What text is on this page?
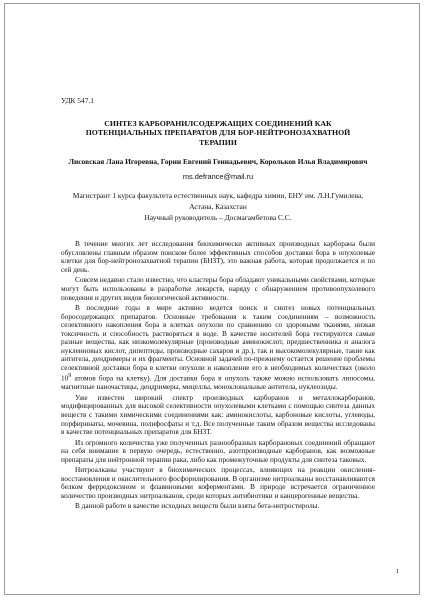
УДК 547.1
СИНТЕЗ КАРБОРАНИЛСОДЕРЖАЩИХ СОЕДИНЕНИЙ КАК ПОТЕНЦИАЛЬНЫХ ПРЕПАРАТОВ ДЛЯ БОР-НЕЙТРОНОЗАХВАТНОЙ ТЕРАПИИ
Лисовская Лана Игоревна, Горин Евгений Геннадьевич, Корольков Илья Владимирович
ms.defrance@mail.ru
Магистрант 1 курса факультета естественных наук, кафедра химии, ЕНУ им. Л.Н.Гумилева,
Астана, Казахстан
Научный руководитель – Досмагамбетова С.С.

В течение многих лет исследования биохимически активных производных карборана были обусловлены главным образом поиском более эффективных способов доставки бора в опухолевые клетки для бор-нейтронозахватной терапии (БНЗТ), это важная работа, которая продолжается и по сей день.

Совсем недавно стало известно, что кластеры бора обладают уникальными свойствами, которые могут быть использованы в разработке лекарств, наряду с обнаружением противоопухолевого поведения и других видов биологической активности.

В последние годы в мире активно ведется поиск и синтез новых потенциальных боросодержащих препаратов. Основные требования к таким соединениям – возможность селективного накопления бора в клетках опухоли по сравнению со здоровыми тканями, низкая токсичность и способность растворяться в воде. В качестве носителей бора тестируются самые разные вещества, как низкомолекулярные (производные аминокислот, предшественника и аналога нуклеиновых кислот, дипептиды, производные сахаров и др.), так и высокомолекулярные, такие как антитела, дендримеры и их фрагменты. Основной задачей по-прежнему остается решение проблемы селективной доставки бора в клетки опухоли и накопление его в необходимых количествах (около $10^9$ атомов бора на клетку). Для доставки бора в опухоль также можно использовать липосомы, магнитные наночастицы, дендримеры, мицеллы, моноклональные антитела, нуклеозиды.

Уже известен широкий спектр производных карборанов и металлокарборанов, модифицированных для высокой селективности опухолевыми клетками с помощью синтеза данных веществ с такими химическими соединениями как: аминокислоты, карбоновые кислоты, углеводы, порфиринаты, мочевина, полифосфаты и т.д. Все полученные таким образом вещества исследованы в качестве потенциальных препаратов для БНЗТ.

Из огромного количества уже полученных разнообразных карборановых соединений обращают на себя внимание в первую очередь, естественно, азотпроизводные карборанов, как возможные препараты для нейтронной терапии рака, либо как промежуточные продукты для синтеза таковых.

Нитроалканы участвуют в биохимических процессах, влияющих на реакции окисления-восстановления и окислительного фосфорилирования. В организме нитроалканы восстанавливаются белком ферредоксином и флавиновыми коферментами. В природе встречается ограниченное количество производных нитроалканов, среди которых антибиотики и канцерогенные вещества.

В данной работе в качестве исходных веществ были взяты бета-нитростиролы.

1
